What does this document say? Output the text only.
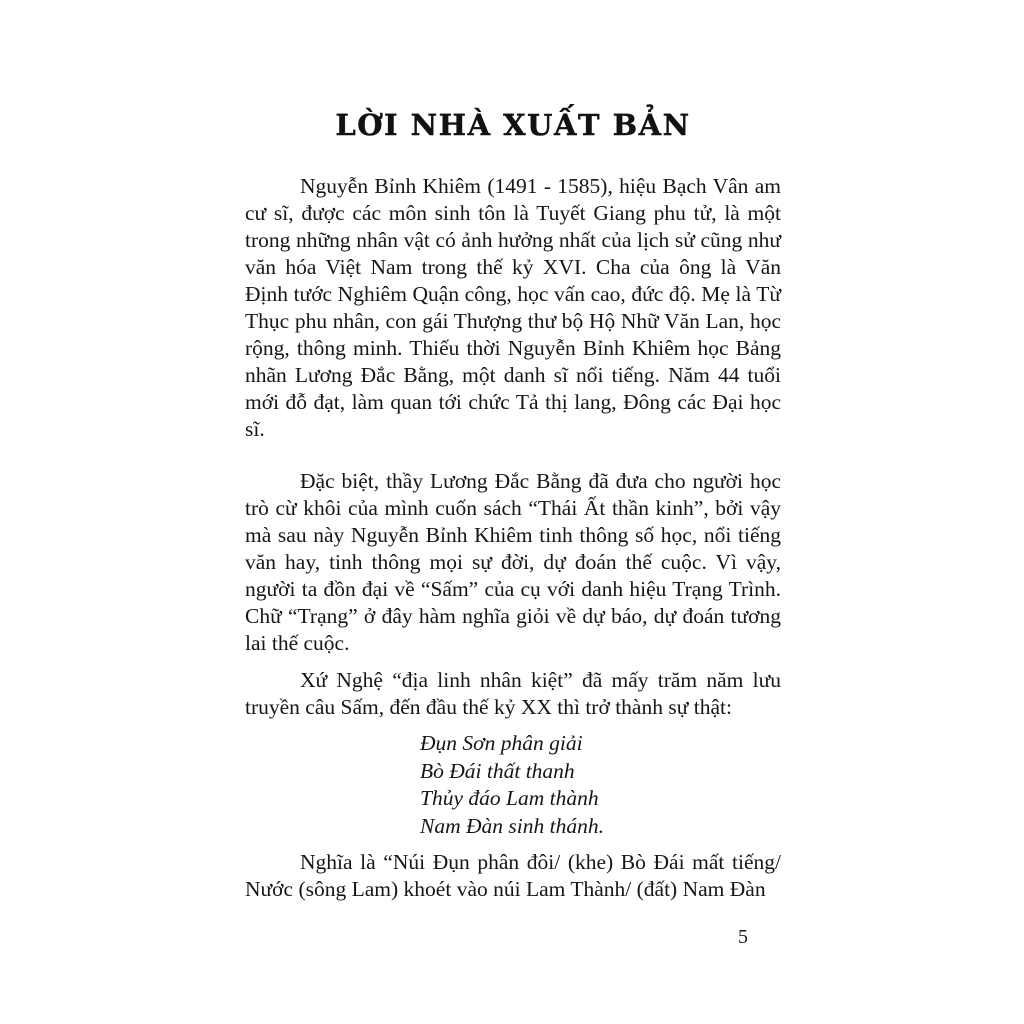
LỜI NHÀ XUẤT BẢN

Nguyễn Bỉnh Khiêm (1491 - 1585), hiệu Bạch Vân am cư sĩ, được các môn sinh tôn là Tuyết Giang phu tử, là một trong những nhân vật có ảnh hưởng nhất của lịch sử cũng như văn hóa Việt Nam trong thế kỷ XVI. Cha của ông là Văn Định tước Nghiêm Quận công, học vấn cao, đức độ. Mẹ là Từ Thục phu nhân, con gái Thượng thư bộ Hộ Nhữ Văn Lan, học rộng, thông minh. Thiếu thời Nguyễn Bỉnh Khiêm học Bảng nhãn Lương Đắc Bằng, một danh sĩ nổi tiếng. Năm 44 tuổi mới đỗ đạt, làm quan tới chức Tả thị lang, Đông các Đại học sĩ.

Đặc biệt, thầy Lương Đắc Bằng đã đưa cho người học trò cừ khôi của mình cuốn sách “Thái Ất thần kinh”, bởi vậy mà sau này Nguyễn Bỉnh Khiêm tinh thông số học, nổi tiếng văn hay, tinh thông mọi sự đời, dự đoán thế cuộc. Vì vậy, người ta đồn đại về “Sấm” của cụ với danh hiệu Trạng Trình. Chữ “Trạng” ở đây hàm nghĩa giỏi về dự báo, dự đoán tương lai thế cuộc.

Xứ Nghệ “địa linh nhân kiệt” đã mấy trăm năm lưu truyền câu Sấm, đến đầu thế kỷ XX thì trở thành sự thật:

Đụn Sơn phân giải
Bò Đái thất thanh
Thủy đáo Lam thành
Nam Đàn sinh thánh.

Nghĩa là “Núi Đụn phân đôi/ (khe) Bò Đái mất tiếng/ Nước (sông Lam) khoét vào núi Lam Thành/ (đất) Nam Đàn

5
